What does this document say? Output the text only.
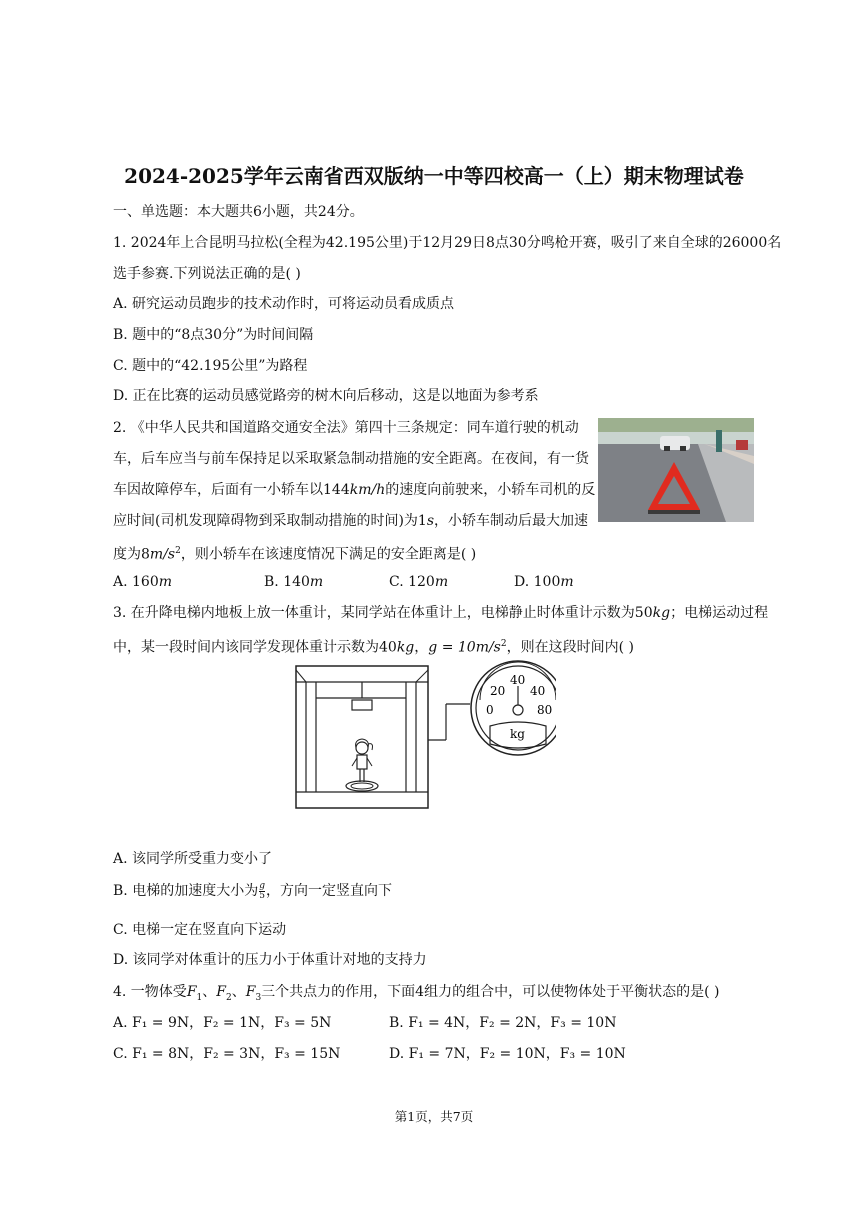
2024-2025学年云南省西双版纳一中等四校高一（上）期末物理试卷
一、单选题：本大题共6小题，共24分。
1. 2024年上合昆明马拉松(全程为42.195公里)于12月29日8点30分鸣枪开赛，吸引了来自全球的26000名
选手参赛.下列说法正确的是( )
A. 研究运动员跑步的技术动作时，可将运动员看成质点
B. 题中的“8点30分”为时间间隔
C. 题中的“42.195公里”为路程
D. 正在比赛的运动员感觉路旁的树木向后移动，这是以地面为参考系
2. 《中华人民共和国道路交通安全法》第四十三条规定：同车道行驶的机动
车，后车应当与前车保持足以采取紧急制动措施的安全距离。在夜间，有一货
车因故障停车，后面有一小轿车以144km/h的速度向前驶来，小轿车司机的反
应时间(司机发现障碍物到采取制动措施的时间)为1s，小轿车制动后最大加速
度为$8m/s^2$，则小轿车在该速度情况下满足的安全距离是( )
A. 160m	B. 140m	C. 120m	D. 100m
3. 在升降电梯内地板上放一体重计，某同学站在体重计上，电梯静止时体重计示数为50kg；电梯运动过程
中，某一段时间内该同学发现体重计示数为40kg，$g = 10m/s^2$，则在这段时间内( )
0
20
40
40
80
kg
A. 该同学所受重力变小了
B. 电梯的加速度大小为 $\frac{g}{5}$ ，方向一定竖直向下
C. 电梯一定在竖直向下运动
D. 该同学对体重计的压力小于体重计对地的支持力
4. 一物体受$F_1$、$F_2$、$F_3$三个共点力的作用，下面4组力的组合中，可以使物体处于平衡状态的是( )
A. F₁ = 9N，F₂ = 1N，F₃ = 5N	B. F₁ = 4N，F₂ = 2N，F₃ = 10N
C. F₁ = 8N，F₂ = 3N，F₃ = 15N	D. F₁ = 7N，F₂ = 10N，F₃ = 10N
第1页，共7页
